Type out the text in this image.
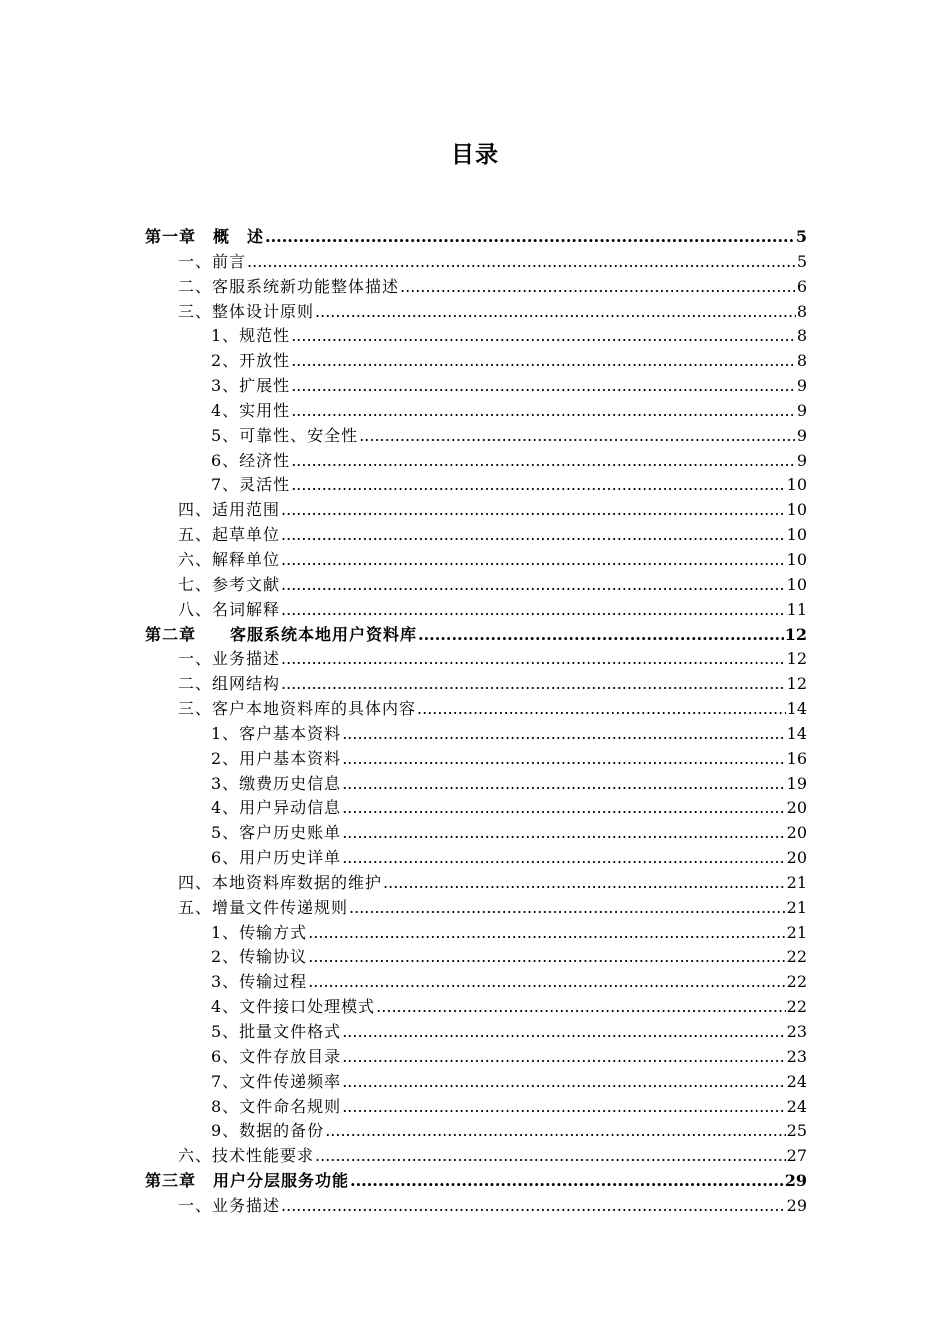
目录
第一章　概　述 .....	5
一、前言 .....	5
二、客服系统新功能整体描述 .....	6
三、整体设计原则 .....	8
1、规范性 .....	8
2、开放性 .....	8
3、扩展性 .....	9
4、实用性 .....	9
5、可靠性、安全性 .....	9
6、经济性 .....	9
7、灵活性 .....	10
四、适用范围 .....	10
五、起草单位 .....	10
六、解释单位 .....	10
七、参考文献 .....	10
八、名词解释 .....	11
第二章　　客服系统本地用户资料库 .....	12
一、业务描述 .....	12
二、组网结构 .....	12
三、客户本地资料库的具体内容 .....	14
1、客户基本资料 .....	14
2、用户基本资料 .....	16
3、缴费历史信息 .....	19
4、用户异动信息 .....	20
5、客户历史账单 .....	20
6、用户历史详单 .....	20
四、本地资料库数据的维护 .....	21
五、增量文件传递规则 .....	21
1、传输方式 .....	21
2、传输协议 .....	22
3、传输过程 .....	22
4、文件接口处理模式 .....	22
5、批量文件格式 .....	23
6、文件存放目录 .....	23
7、文件传递频率 .....	24
8、文件命名规则 .....	24
9、数据的备份 .....	25
六、技术性能要求 .....	27
第三章　用户分层服务功能 .....	29
一、业务描述 .....	29
